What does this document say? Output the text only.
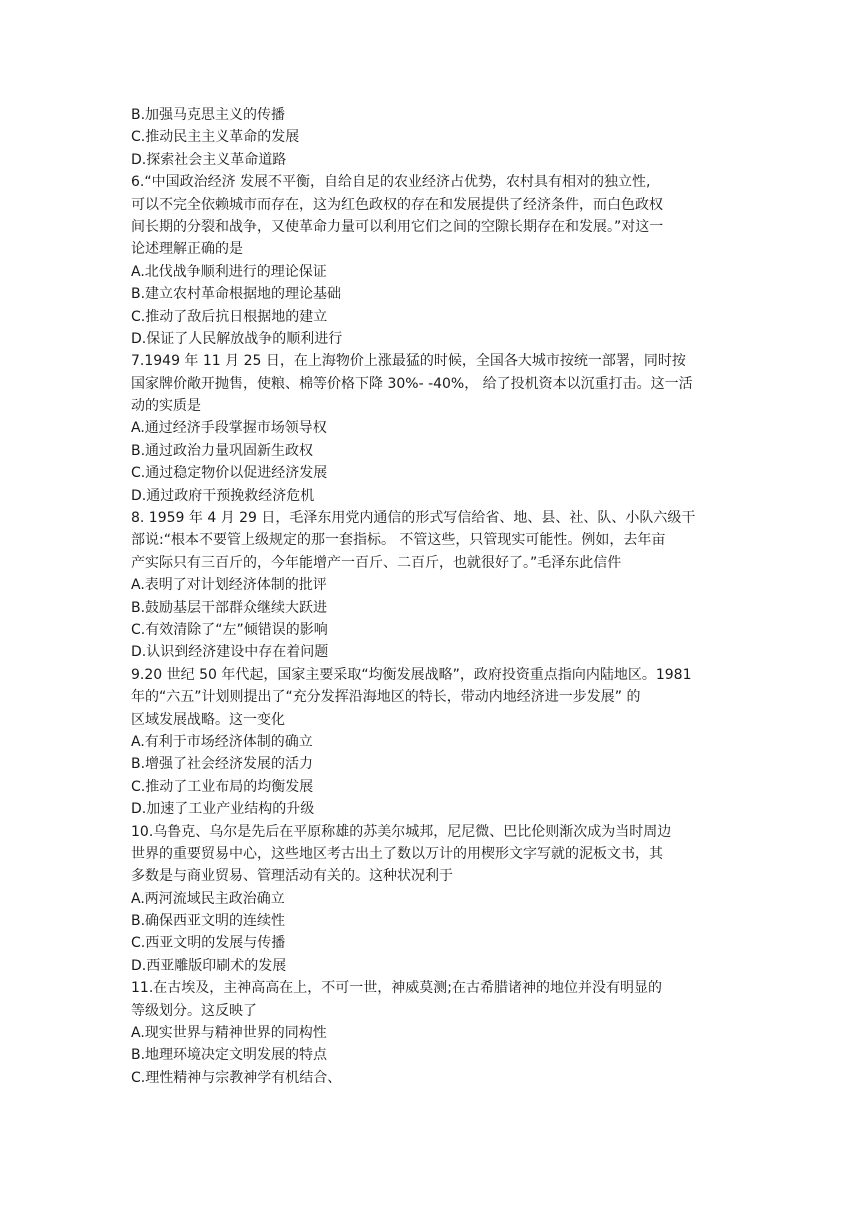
B.加强马克思主义的传播
C.推动民主主义革命的发展
D.探索社会主义革命道路
6.“中国政治经济 发展不平衡，自给自足的农业经济占优势，农村具有相对的独立性,
可以不完全依赖城市而存在，这为红色政权的存在和发展提供了经济条件，而白色政权
间长期的分裂和战争，又使革命力量可以利用它们之间的空隙长期存在和发展。”对这一
论述理解正确的是
A.北伐战争顺利进行的理论保证
B.建立农村革命根据地的理论基础
C.推动了敌后抗日根据地的建立
D.保证了人民解放战争的顺利进行
7.1949 年 11 月 25 日，在上海物价上涨最猛的时候，全国各大城市按统一部署，同时按
国家牌价敞开抛售，使粮、棉等价格下降 30%- -40%， 给了投机资本以沉重打击。这一活
动的实质是
A.通过经济手段掌握市场领导权
B.通过政治力量巩固新生政权
C.通过稳定物价以促进经济发展
D.通过政府干预挽救经济危机
8. 1959 年 4 月 29 日，毛泽东用党内通信的形式写信给省、地、县、社、队、小队六级干
部说:“根本不要管上级规定的那一套指标。 不管这些，只管现实可能性。例如，去年亩
产实际只有三百斤的，今年能增产一百斤、二百斤，也就很好了。”毛泽东此信件
A.表明了对计划经济体制的批评
B.鼓励基层干部群众继续大跃进
C.有效清除了“左”倾错误的影响
D.认识到经济建设中存在着问题
9.20 世纪 50 年代起，国家主要采取“均衡发展战略”，政府投资重点指向内陆地区。1981
年的“六五”计划则提出了“充分发挥沿海地区的特长，带动内地经济进一步发展” 的
区域发展战略。这一变化
A.有利于市场经济体制的确立
B.增强了社会经济发展的活力
C.推动了工业布局的均衡发展
D.加速了工业产业结构的升级
10.乌鲁克、乌尔是先后在平原称雄的苏美尔城邦，尼尼微、巴比伦则渐次成为当时周边
世界的重要贸易中心，这些地区考古出土了数以万计的用楔形文字写就的泥板文书，其
多数是与商业贸易、管理活动有关的。这种状况利于
A.两河流域民主政治确立
B.确保西亚文明的连续性
C.西亚文明的发展与传播
D.西亚雕版印刷术的发展
11.在古埃及，主神高高在上，不可一世，神威莫测;在古希腊诸神的地位并没有明显的
等级划分。这反映了
A.现实世界与精神世界的同构性
B.地理环境决定文明发展的特点
C.理性精神与宗教神学有机结合、
